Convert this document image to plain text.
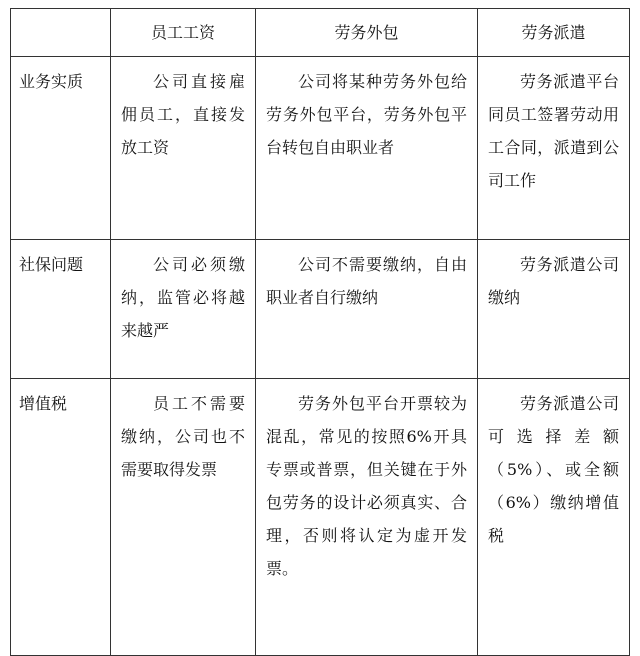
	员工工资	劳务外包	劳务派遣
业务实质	公司直接雇佣员工，直接发放工资	公司将某种劳务外包给劳务外包平台，劳务外包平台转包自由职业者	劳务派遣平台同员工签署劳动用工合同，派遣到公司工作
社保问题	公司必须缴纳，监管必将越来越严	公司不需要缴纳，自由职业者自行缴纳	劳务派遣公司缴纳
增值税	员工不需要缴纳，公司也不需要取得发票	劳务外包平台开票较为混乱，常见的按照6%开具专票或普票，但关键在于外包劳务的设计必须真实、合理，否则将认定为虚开发票。	劳务派遣公司可选择差额（5%）、或全额（6%）缴纳增值税
